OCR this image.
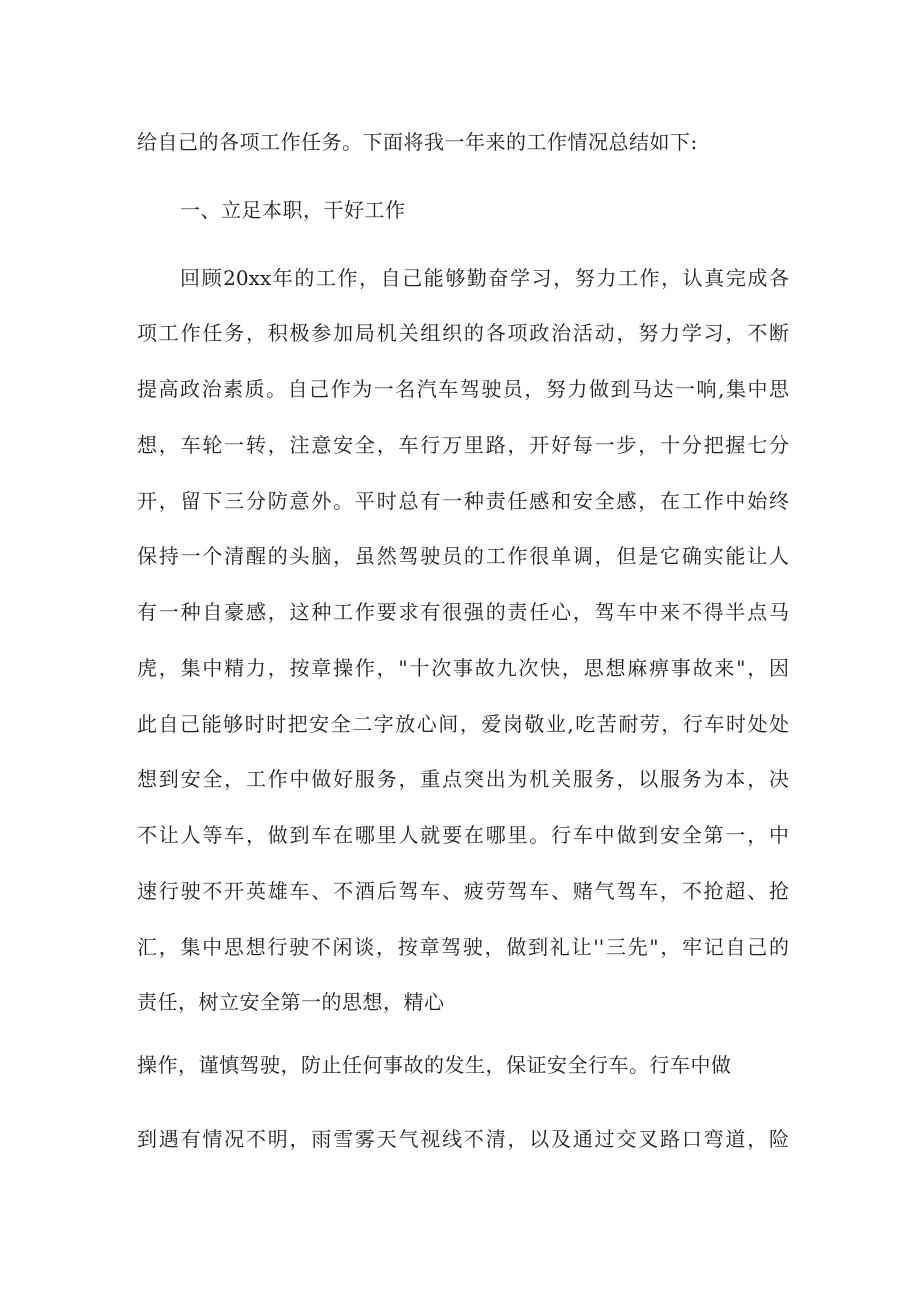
给自己的各项工作任务。下面将我一年来的工作情况总结如下:

一、立足本职，干好工作

回顾20xx年的工作，自己能够勤奋学习，努力工作，认真完成各

项工作任务，积极参加局机关组织的各项政治活动，努力学习，不断

提高政治素质。自己作为一名汽车驾驶员，努力做到马达一响,集中思

想，车轮一转，注意安全，车行万里路，开好每一步，十分把握七分

开，留下三分防意外。平时总有一种责任感和安全感，在工作中始终

保持一个清醒的头脑，虽然驾驶员的工作很单调，但是它确实能让人

有一种自豪感，这种工作要求有很强的责任心，驾车中来不得半点马

虎，集中精力，按章操作，"十次事故九次快，思想麻痹事故来"，因

此自己能够时时把安全二字放心间，爱岗敬业,吃苦耐劳，行车时处处

想到安全，工作中做好服务，重点突出为机关服务，以服务为本，决

不让人等车，做到车在哪里人就要在哪里。行车中做到安全第一，中

速行驶不开英雄车、不酒后驾车、疲劳驾车、赌气驾车，不抢超、抢

汇，集中思想行驶不闲谈，按章驾驶，做到礼让''三先"，牢记自己的

责任，树立安全第一的思想，精心

操作，谨慎驾驶，防止任何事故的发生，保证安全行车。行车中做

到遇有情况不明，雨雪雾天气视线不清，以及通过交叉路口弯道，险
